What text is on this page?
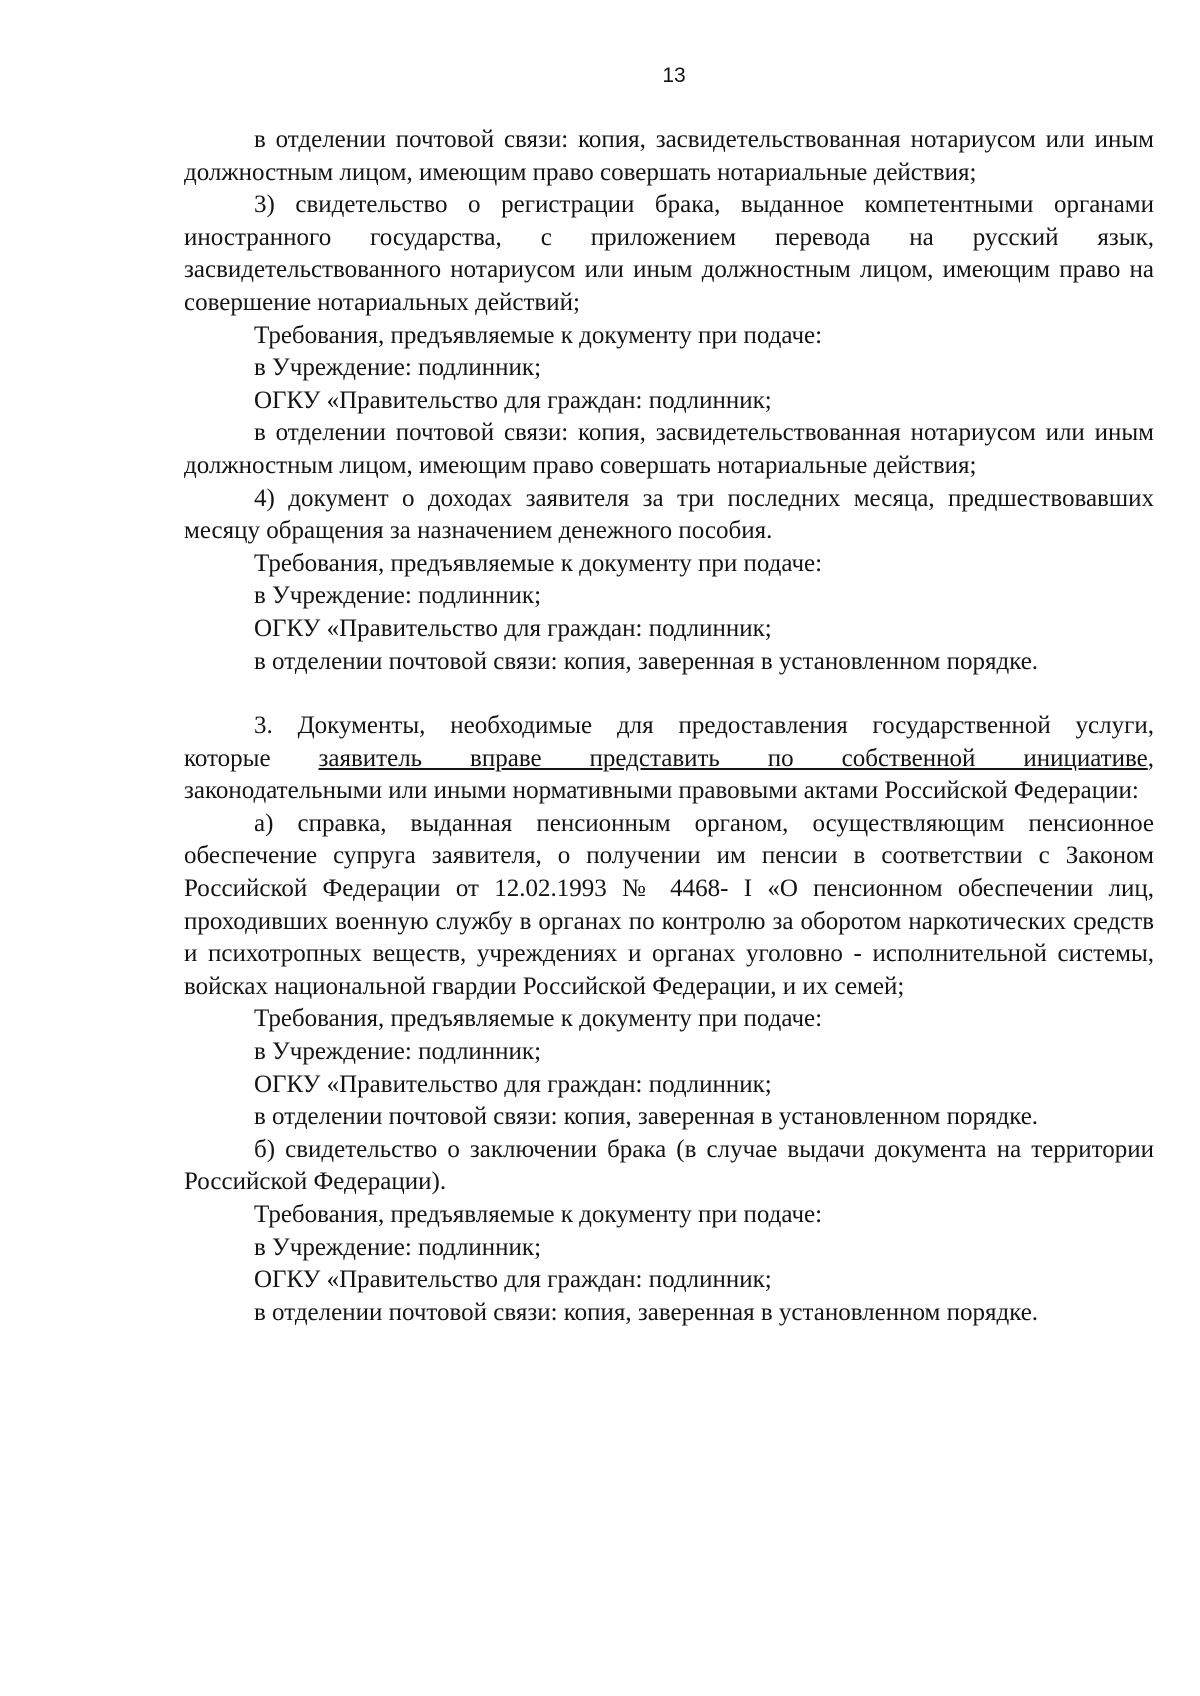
13

в отделении почтовой связи: копия, засвидетельствованная нотариусом или иным должностным лицом, имеющим право совершать нотариальные действия;

3) свидетельство о регистрации брака, выданное компетентными органами иностранного государства, с приложением перевода на русский язык, засвидетельствованного нотариусом или иным должностным лицом, имеющим право на совершение нотариальных действий;

Требования, предъявляемые к документу при подаче:

в Учреждение: подлинник;

ОГКУ «Правительство для граждан: подлинник;

в отделении почтовой связи: копия, засвидетельствованная нотариусом или иным должностным лицом, имеющим право совершать нотариальные действия;

4) документ о доходах заявителя за три последних месяца, предшествовавших месяцу обращения за назначением денежного пособия.

Требования, предъявляемые к документу при подаче:

в Учреждение: подлинник;

ОГКУ «Правительство для граждан: подлинник;

в отделении почтовой связи: копия, заверенная в установленном порядке.

3. Документы, необходимые для предоставления государственной услуги,

которые заявитель вправе представить по собственной инициативе,

законодательными или иными нормативными правовыми актами Российской Федерации:

а) справка, выданная пенсионным органом, осуществляющим пенсионное обеспечение супруга заявителя, о получении им пенсии в соответствии с Законом Российской Федерации от 12.02.1993 № 4468- I «О пенсионном обеспечении лиц, проходивших военную службу в органах по контролю за оборотом наркотических средств и психотропных веществ, учреждениях и органах уголовно - исполнительной системы, войсках национальной гвардии Российской Федерации, и их семей;

Требования, предъявляемые к документу при подаче:

в Учреждение: подлинник;

ОГКУ «Правительство для граждан: подлинник;

в отделении почтовой связи: копия, заверенная в установленном порядке.

б) свидетельство о заключении брака (в случае выдачи документа на территории Российской Федерации).

Требования, предъявляемые к документу при подаче:

в Учреждение: подлинник;

ОГКУ «Правительство для граждан: подлинник;

в отделении почтовой связи: копия, заверенная в установленном порядке.
